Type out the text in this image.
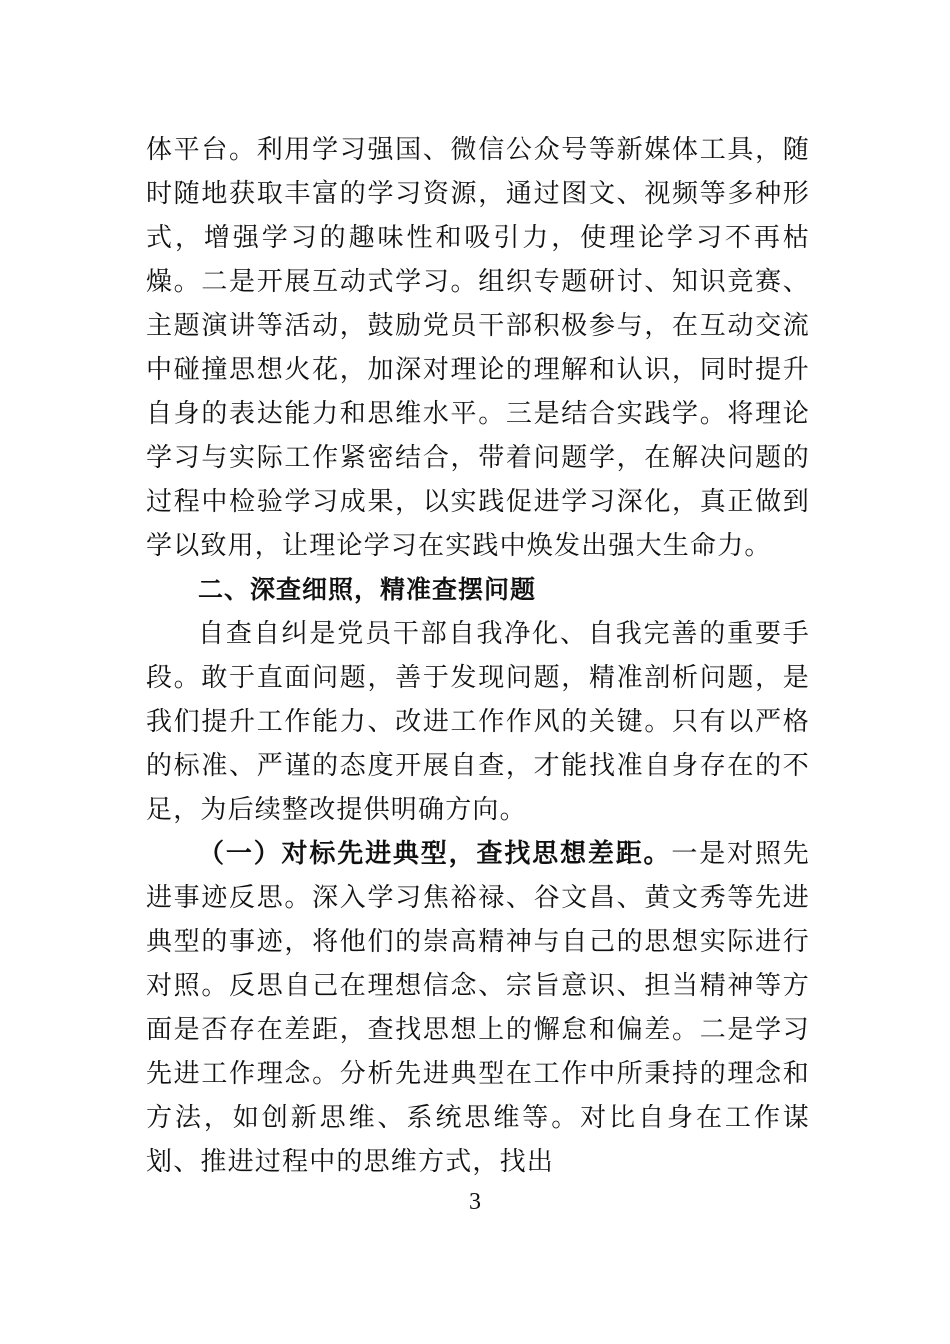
体平台。利用学习强国、微信公众号等新媒体工具，随时随地获取丰富的学习资源，通过图文、视频等多种形式，增强学习的趣味性和吸引力，使理论学习不再枯燥。二是开展互动式学习。组织专题研讨、知识竞赛、主题演讲等活动，鼓励党员干部积极参与，在互动交流中碰撞思想火花，加深对理论的理解和认识，同时提升自身的表达能力和思维水平。三是结合实践学。将理论学习与实际工作紧密结合，带着问题学，在解决问题的过程中检验学习成果，以实践促进学习深化，真正做到学以致用，让理论学习在实践中焕发出强大生命力。

二、深查细照，精准查摆问题

自查自纠是党员干部自我净化、自我完善的重要手段。敢于直面问题，善于发现问题，精准剖析问题，是我们提升工作能力、改进工作作风的关键。只有以严格的标准、严谨的态度开展自查，才能找准自身存在的不足，为后续整改提供明确方向。

（一）对标先进典型，查找思想差距。一是对照先进事迹反思。深入学习焦裕禄、谷文昌、黄文秀等先进典型的事迹，将他们的崇高精神与自己的思想实际进行对照。反思自己在理想信念、宗旨意识、担当精神等方面是否存在差距，查找思想上的懈怠和偏差。二是学习先进工作理念。分析先进典型在工作中所秉持的理念和方法，如创新思维、系统思维等。对比自身在工作谋划、推进过程中的思维方式，找出

3
